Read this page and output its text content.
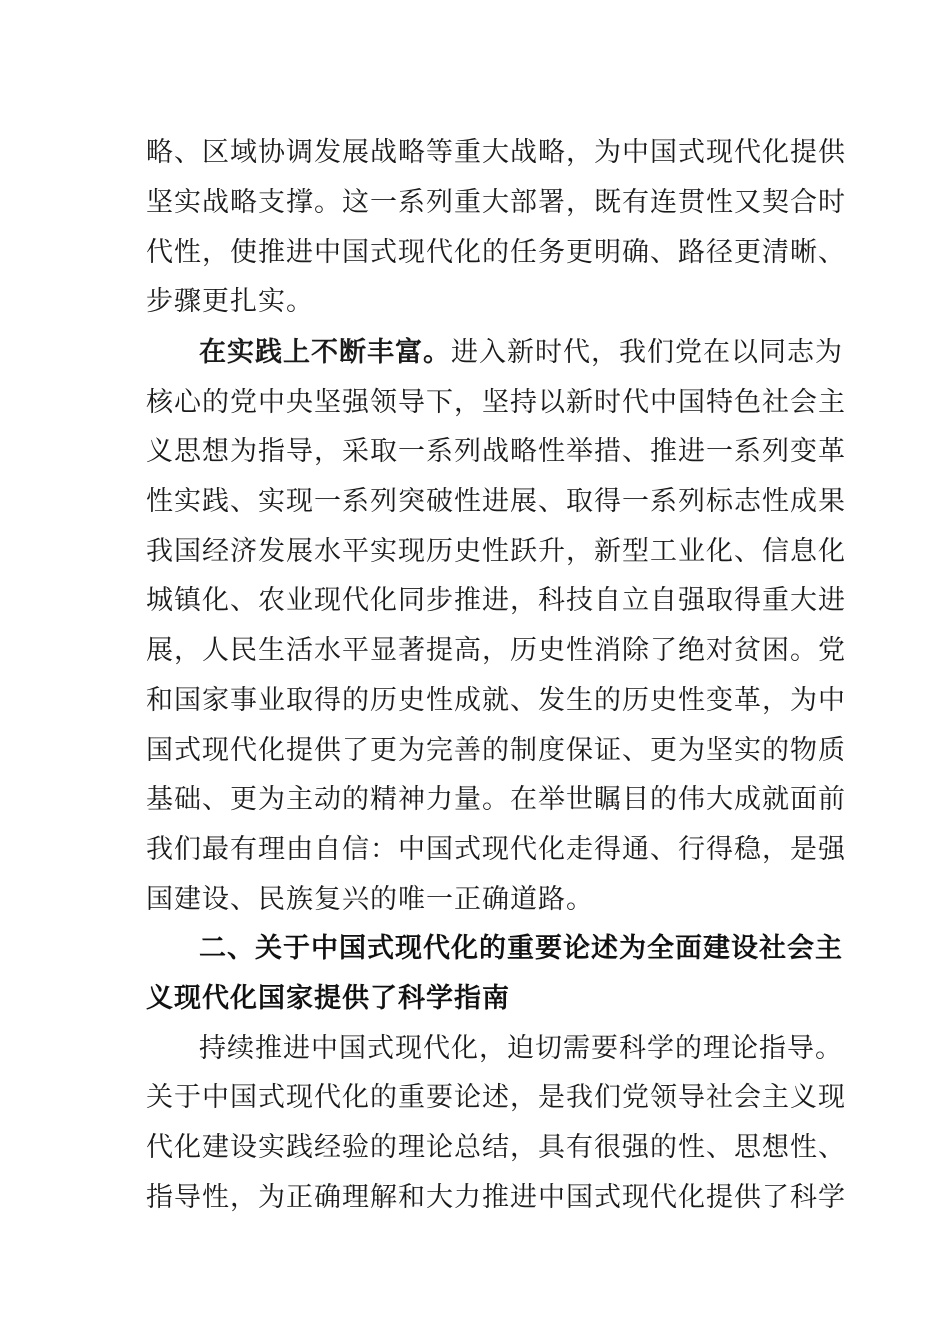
略、区域协调发展战略等重大战略，为中国式现代化提供
坚实战略支撑。这一系列重大部署，既有连贯性又契合时
代性，使推进中国式现代化的任务更明确、路径更清晰、
步骤更扎实。
在实践上不断丰富。进入新时代，我们党在以同志为
核心的党中央坚强领导下，坚持以新时代中国特色社会主
义思想为指导，采取一系列战略性举措、推进一系列变革
性实践、实现一系列突破性进展、取得一系列标志性成果
我国经济发展水平实现历史性跃升，新型工业化、信息化
城镇化、农业现代化同步推进，科技自立自强取得重大进
展，人民生活水平显著提高，历史性消除了绝对贫困。党
和国家事业取得的历史性成就、发生的历史性变革，为中
国式现代化提供了更为完善的制度保证、更为坚实的物质
基础、更为主动的精神力量。在举世瞩目的伟大成就面前
我们最有理由自信：中国式现代化走得通、行得稳，是强
国建设、民族复兴的唯一正确道路。
二、关于中国式现代化的重要论述为全面建设社会主
义现代化国家提供了科学指南
持续推进中国式现代化，迫切需要科学的理论指导。
关于中国式现代化的重要论述，是我们党领导社会主义现
代化建设实践经验的理论总结，具有很强的性、思想性、
指导性，为正确理解和大力推进中国式现代化提供了科学
